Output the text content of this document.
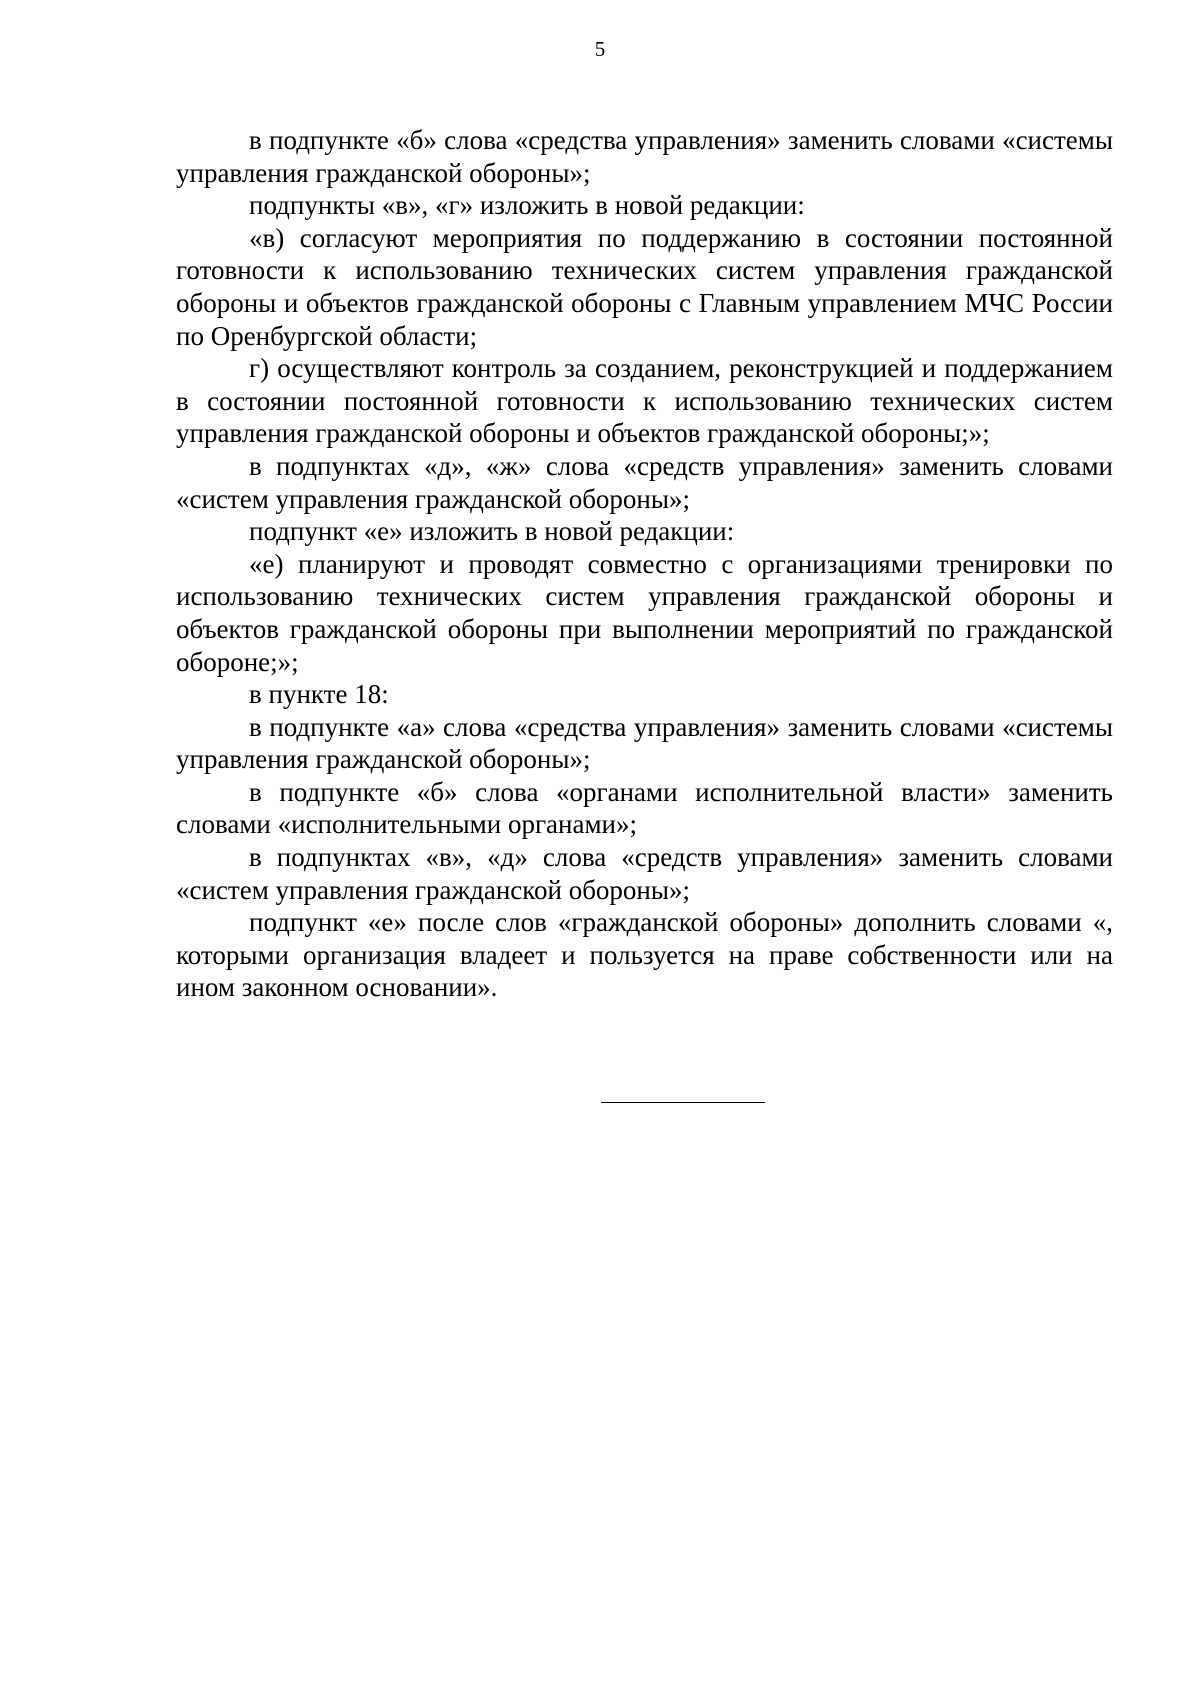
5

в подпункте «б» слова «средства управления» заменить словами «системы управления гражданской обороны»;

подпункты «в», «г» изложить в новой редакции:

«в) согласуют мероприятия по поддержанию в состоянии постоянной готовности к использованию технических систем управления гражданской обороны и объектов гражданской обороны с Главным управлением МЧС России по Оренбургской области;

г) осуществляют контроль за созданием, реконструкцией и поддержанием в состоянии постоянной готовности к использованию технических систем управления гражданской обороны и объектов гражданской обороны;»;

в подпунктах «д», «ж» слова «средств управления» заменить словами «систем управления гражданской обороны»;

подпункт «е» изложить в новой редакции:

«е) планируют и проводят совместно с организациями тренировки по использованию технических систем управления гражданской обороны и объектов гражданской обороны при выполнении мероприятий по гражданской обороне;»;

в пункте 18:

в подпункте «а» слова «средства управления» заменить словами «системы управления гражданской обороны»;

в подпункте «б» слова «органами исполнительной власти» заменить словами «исполнительными органами»;

в подпунктах «в», «д» слова «средств управления» заменить словами «систем управления гражданской обороны»;

подпункт «е» после слов «гражданской обороны» дополнить словами «, которыми организация владеет и пользуется на праве собственности или на ином законном основании».
